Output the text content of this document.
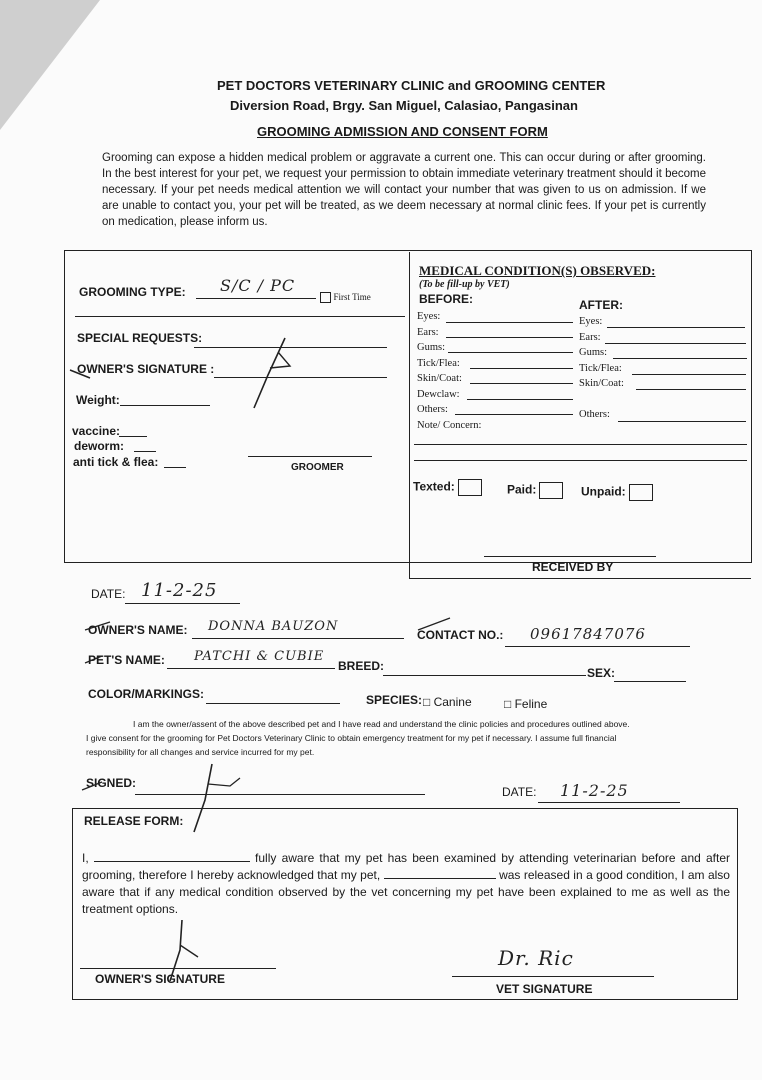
PET DOCTORS VETERINARY CLINIC and GROOMING CENTER
Diversion Road, Brgy. San Miguel, Calasiao, Pangasinan
GROOMING ADMISSION AND CONSENT FORM
Grooming can expose a hidden medical problem or aggravate a current one. This can occur during or after grooming. In the best interest for your pet, we request your permission to obtain immediate veterinary treatment should it become necessary. If your pet needs medical attention we will contact your number that was given to us on admission. If we are unable to contact you, your pet will be treated, as we deem necessary at normal clinic fees. If your pet is currently on medication, please inform us.
GROOMING TYPE: S/C / PC
First Time
SPECIAL REQUESTS:
OWNER'S SIGNATURE :
Weight:
vaccine:
deworm:
anti tick & flea:	GROOMER
MEDICAL CONDITION(S) OBSERVED:
(To be fill-up by VET)
BEFORE:	AFTER:
Eyes:
Ears:
Gums:
Tick/Flea:
Skin/Coat:
Dewclaw:
Others:
Note/ Concern:
Eyes:
Ears:
Gums:
Tick/Flea:
Skin/Coat:
Others:
Texted:	Paid:	Unpaid:
RECEIVED BY
DATE: 11-2-25
OWNER'S NAME: DONNA BAUZON
CONTACT NO.: 09617847076
PET'S NAME: PATCHI & CUBIE
BREED:	SEX:
COLOR/MARKINGS:	SPECIES: □ Canine	□ Feline
I am the owner/assent of the above described pet and I have read and understand the clinic policies and procedures outlined above.
I give consent for the grooming for Pet Doctors Veterinary Clinic to obtain emergency treatment for my pet if necessary. I assume full financial
responsibility for all changes and service incurred for my pet.
SIGNED:
DATE: 11-2-25
RELEASE FORM:
I,	fully aware that my pet has been examined by attending veterinarian before and after grooming, therefore I hereby acknowledged that my pet,	was released in a good condition, I am also aware that if any medical condition observed by the vet concerning my pet have been explained to me as well as the treatment options.
OWNER'S SIGNATURE
VET SIGNATURE
Dr. Ric
